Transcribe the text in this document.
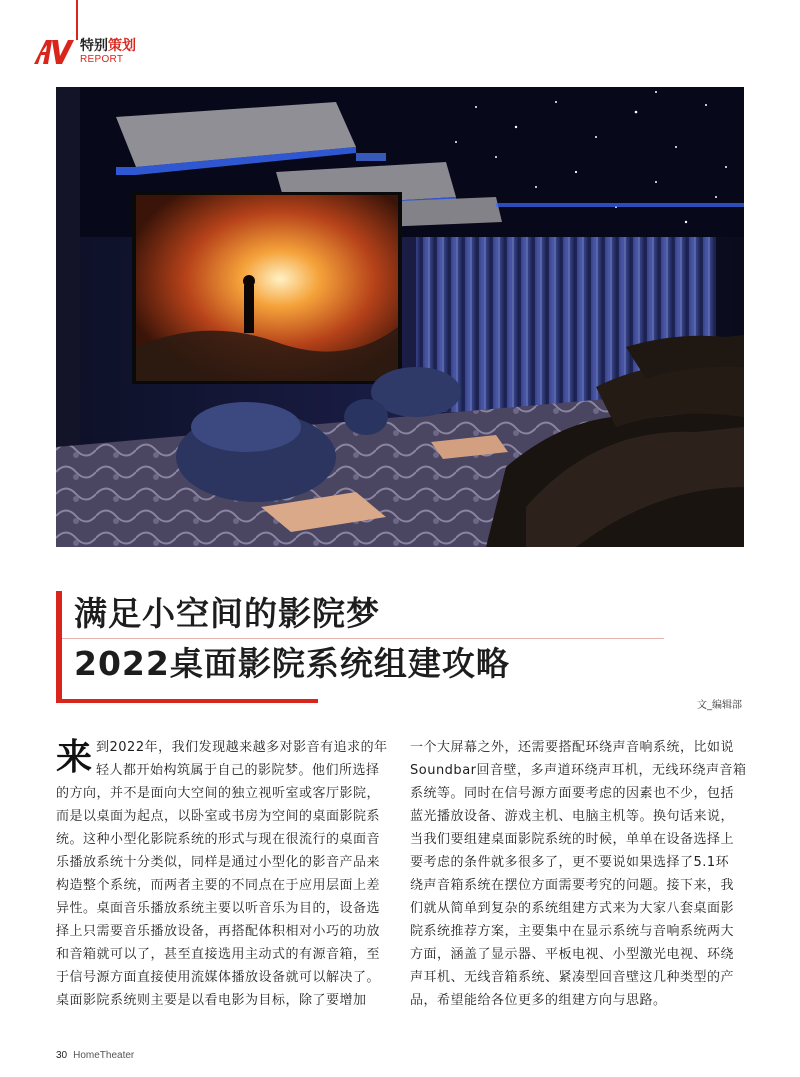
特别策划
REPORT
满足小空间的影院梦
2022桌面影院系统组建攻略
文_编辑部
来 到2022年，我们发现越来越多对影音有追求的年
轻人都开始构筑属于自己的影院梦。他们所选择
的方向，并不是面向大空间的独立视听室或客厅影院，
而是以桌面为起点，以卧室或书房为空间的桌面影院系
统。这种小型化影院系统的形式与现在很流行的桌面音
乐播放系统十分类似，同样是通过小型化的影音产品来
构造整个系统，而两者主要的不同点在于应用层面上差
异性。桌面音乐播放系统主要以听音乐为目的，设备选
择上只需要音乐播放设备，再搭配体积相对小巧的功放
和音箱就可以了，甚至直接选用主动式的有源音箱，至
于信号源方面直接使用流媒体播放设备就可以解决了。
桌面影院系统则主要是以看电影为目标，除了要增加
一个大屏幕之外，还需要搭配环绕声音响系统，比如说
Soundbar回音壁，多声道环绕声耳机，无线环绕声音箱
系统等。同时在信号源方面要考虑的因素也不少，包括
蓝光播放设备、游戏主机、电脑主机等。换句话来说，
当我们要组建桌面影院系统的时候，单单在设备选择上
要考虑的条件就多很多了，更不要说如果选择了5.1环
绕声音箱系统在摆位方面需要考究的问题。接下来，我
们就从简单到复杂的系统组建方式来为大家八套桌面影
院系统推荐方案，主要集中在显示系统与音响系统两大
方面，涵盖了显示器、平板电视、小型激光电视、环绕
声耳机、无线音箱系统、紧凑型回音壁这几种类型的产
品，希望能给各位更多的组建方向与思路。
30 HomeTheater
